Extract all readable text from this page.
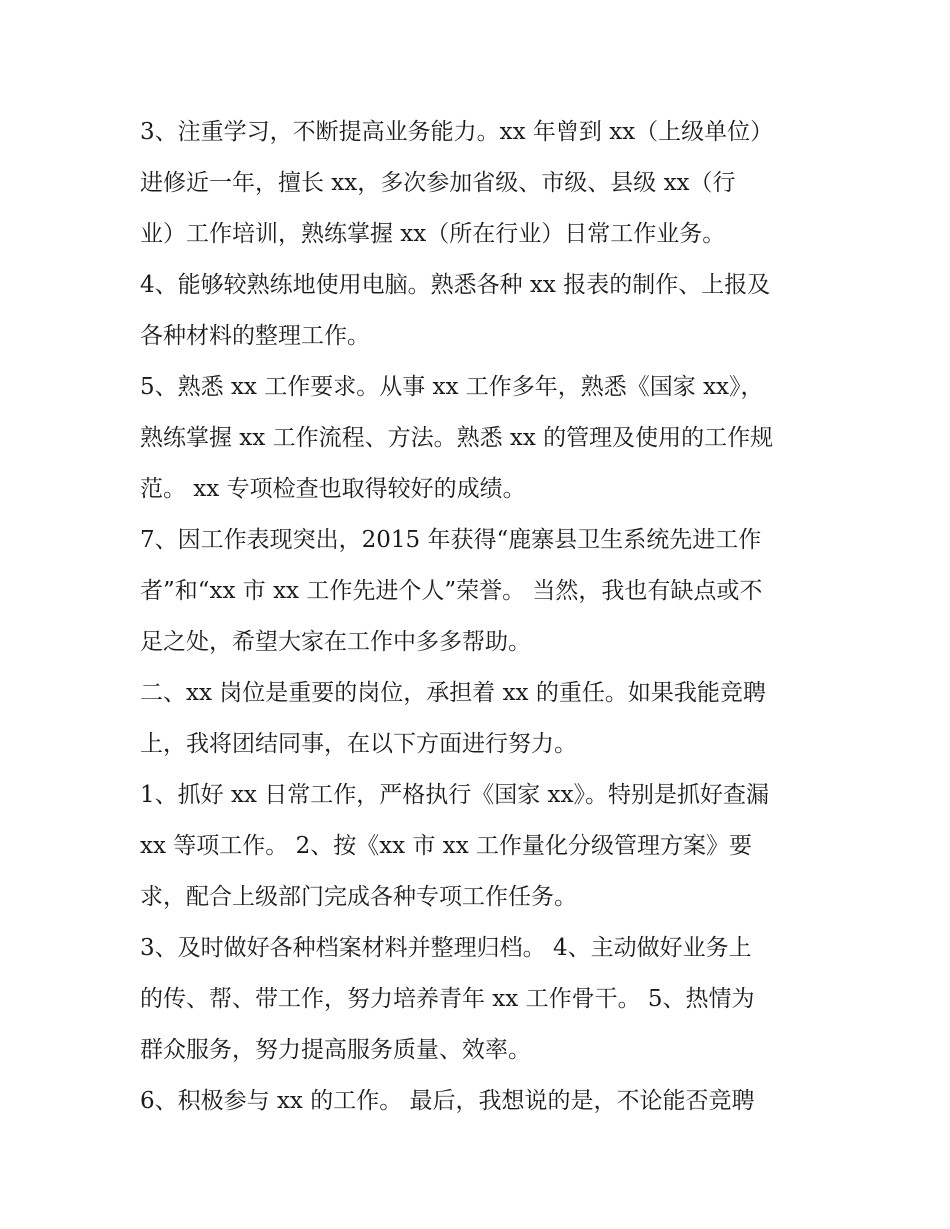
3、注重学习，不断提高业务能力。xx 年曾到 xx（上级单位）
进修近一年，擅长 xx，多次参加省级、市级、县级 xx（行
业）工作培训，熟练掌握 xx（所在行业）日常工作业务。
4、能够较熟练地使用电脑。熟悉各种 xx 报表的制作、上报及
各种材料的整理工作。
5、熟悉 xx 工作要求。从事 xx 工作多年，熟悉《国家 xx》，
熟练掌握 xx 工作流程、方法。熟悉 xx 的管理及使用的工作规
范。 xx 专项检查也取得较好的成绩。
7、因工作表现突出，2015 年获得“鹿寨县卫生系统先进工作
者”和“xx 市 xx 工作先进个人”荣誉。 当然，我也有缺点或不
足之处，希望大家在工作中多多帮助。
二、xx 岗位是重要的岗位，承担着 xx 的重任。如果我能竞聘
上，我将团结同事，在以下方面进行努力。
1、抓好 xx 日常工作，严格执行《国家 xx》。特别是抓好查漏
xx 等项工作。 2、按《xx 市 xx 工作量化分级管理方案》要
求，配合上级部门完成各种专项工作任务。
3、及时做好各种档案材料并整理归档。 4、主动做好业务上
的传、帮、带工作，努力培养青年 xx 工作骨干。 5、热情为
群众服务，努力提高服务质量、效率。
6、积极参与 xx 的工作。 最后，我想说的是，不论能否竞聘
